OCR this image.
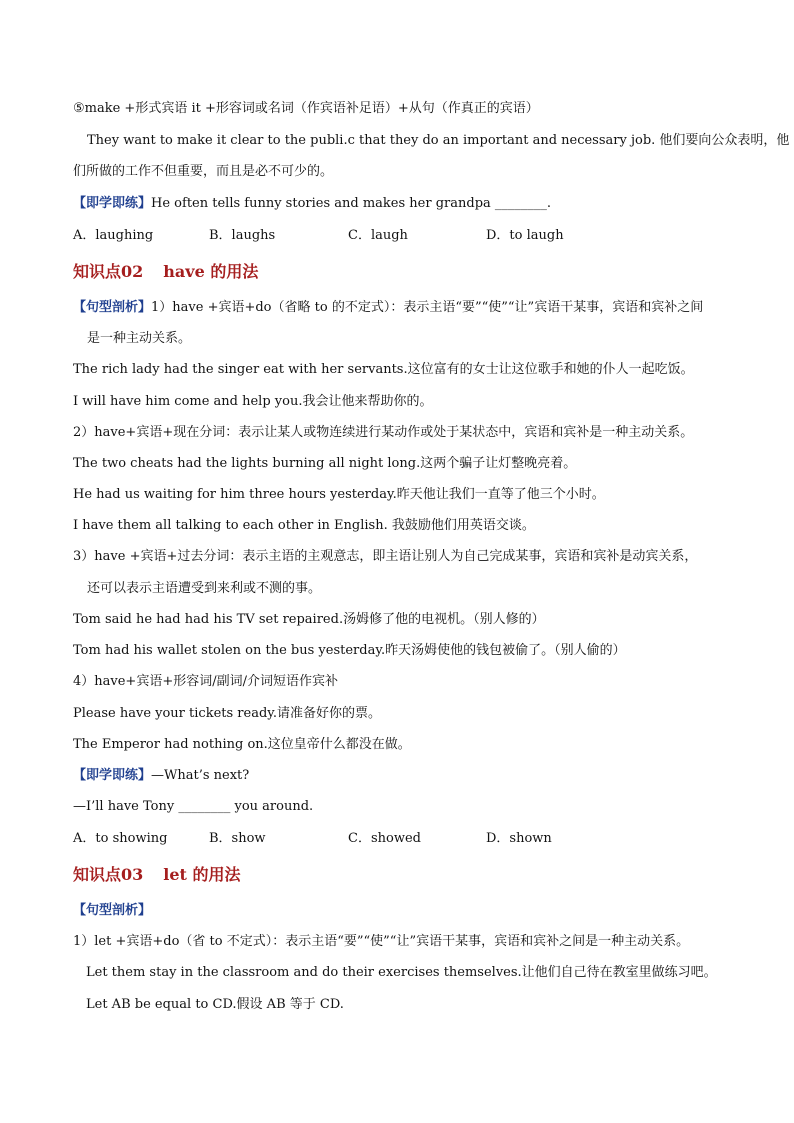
⑤make +形式宾语 it +形容词或名词（作宾语补足语）+从句（作真正的宾语）
They want to make it clear to the publi.c that they do an important and necessary job. 他们要向公众表明，他
们所做的工作不但重要，而且是必不可少的。
【即学即练】He often tells funny stories and makes her grandpa ________.
A．laughing	B．laughs	C．laugh	D．to laugh
知识点02 have 的用法
【句型剖析】1）have +宾语+do（省略 to 的不定式）：表示主语“要”“使”“让”宾语干某事，宾语和宾补之间
是一种主动关系。
The rich lady had the singer eat with her servants.这位富有的女士让这位歌手和她的仆人一起吃饭。
I will have him come and help you.我会让他来帮助你的。
2）have+宾语+现在分词：表示让某人或物连续进行某动作或处于某状态中，宾语和宾补是一种主动关系。
The two cheats had the lights burning all night long.这两个骗子让灯整晚亮着。
He had us waiting for him three hours yesterday.昨天他让我们一直等了他三个小时。
I have them all talking to each other in English. 我鼓励他们用英语交谈。
3）have +宾语+过去分词：表示主语的主观意志，即主语让别人为自己完成某事，宾语和宾补是动宾关系，
还可以表示主语遭受到来利或不测的事。
Tom said he had had his TV set repaired.汤姆修了他的电视机。（别人修的）
Tom had his wallet stolen on the bus yesterday.昨天汤姆使他的钱包被偷了。（别人偷的）
4）have+宾语+形容词/副词/介词短语作宾补
Please have your tickets ready.请准备好你的票。
The Emperor had nothing on.这位皇帝什么都没在做。
【即学即练】—What’s next?
—I’ll have Tony ________ you around.
A．to showing	B．show	C．showed	D．shown
知识点03 let 的用法
【句型剖析】
1）let +宾语+do（省 to 不定式）：表示主语“要”“使”“让”宾语干某事，宾语和宾补之间是一种主动关系。
Let them stay in the classroom and do their exercises themselves.让他们自己待在教室里做练习吧。
Let AB be equal to CD.假设 AB 等于 CD.
